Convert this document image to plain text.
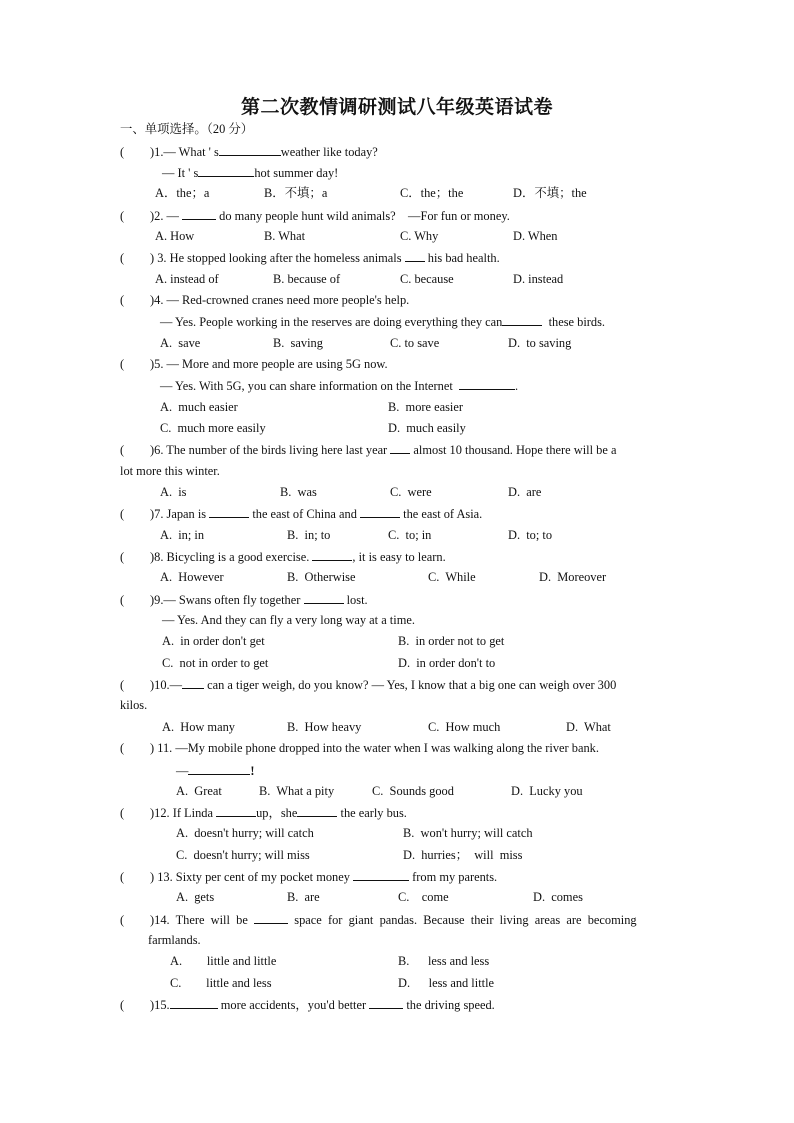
第二次教情调研测试八年级英语试卷
一、单项选择。（20 分）
( )1.— What ' s	weather like today?
— It ' s	hot summer day!
A．the；a	B．不填；a	C．the；the	D．不填；the
( )2. —	do many people hunt wild animals?    —For fun or money.
A. How	B. What	C. Why	D. When
( ) 3. He stopped looking after the homeless animals his bad health.
A. instead of	B. because of	C. because	D. instead
( )4. — Red-crowned cranes need more people's help.
— Yes. People working in the reserves are doing everything they can	these birds.
A.  save	B.  saving	C. to save	D.  to saving
( )5. — More and more people are using 5G now.
— Yes. With 5G, you can share information on the Internet	.
A.  much easier	B.  more easier
C.  much more easily	D.  much easily
( )6. The number of the birds living here last year almost 10 thousand. Hope there will be a
lot more this winter.
A.  is	B.  was	C.  were	D.  are
( )7. Japan is	the east of China and	the east of Asia.
A.  in; in	B.  in; to	C.  to; in	D.  to; to
( )8. Bicycling is a good exercise.	, it is easy to learn.
A.  However	B.  Otherwise	C.  While	D.  Moreover
( )9.— Swans often fly together	lost.
— Yes. And they can fly a very long way at a time.
A.  in order don't get	B.  in order not to get
C.  not in order to get	D.  in order don't to
( )10.— can a tiger weigh, do you know? — Yes, I know that a big one can weigh over 300
kilos.
A.  How many	B.  How heavy	C.  How much	D.  What
( ) 11. —My mobile phone dropped into the water when I was walking along the river bank.
—	!
A.  Great	B.  What a pity	C.  Sounds good	D.  Lucky you
( )12. If Linda	up，she	the early bus.
A.  doesn't hurry; will catch	B.  won't hurry; will catch
C.  doesn't hurry; will miss	D.  hurries；  will  miss
( ) 13. Sixty per cent of my pocket money	from my parents.
A.  gets	B.  are	C.    come	D.  comes
( )14.  There  will  be	space  for  giant  pandas.  Because  their  living  areas  are  becoming
farmlands.
A.        little and little	B.      less and less
C.        little and less	D.      less and little
( )15.	more accidents，you'd better	the driving speed.
